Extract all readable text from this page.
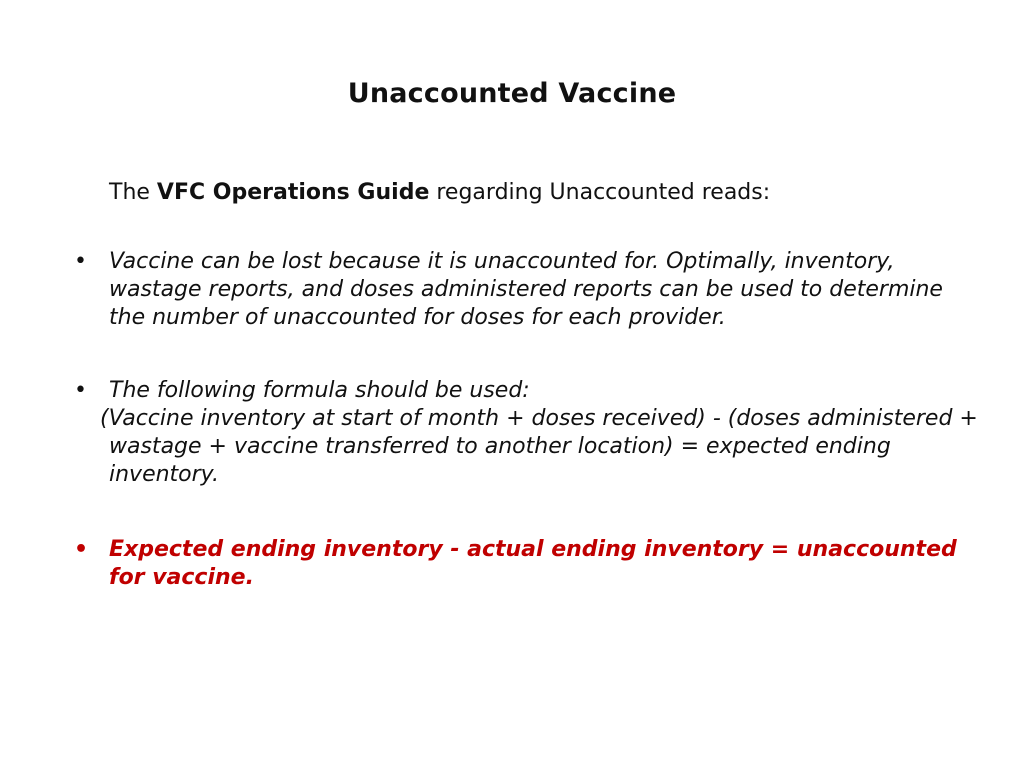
Unaccounted Vaccine
The VFC Operations Guide regarding Unaccounted reads:
• Vaccine can be lost because it is unaccounted for. Optimally, inventory, wastage reports, and doses administered reports can be used to determine the number of unaccounted for doses for each provider.
• The following formula should be used:
(Vaccine inventory at start of month + doses received) - (doses administered + wastage + vaccine transferred to another location) = expected ending inventory.
• Expected ending inventory - actual ending inventory = unaccounted for vaccine.
